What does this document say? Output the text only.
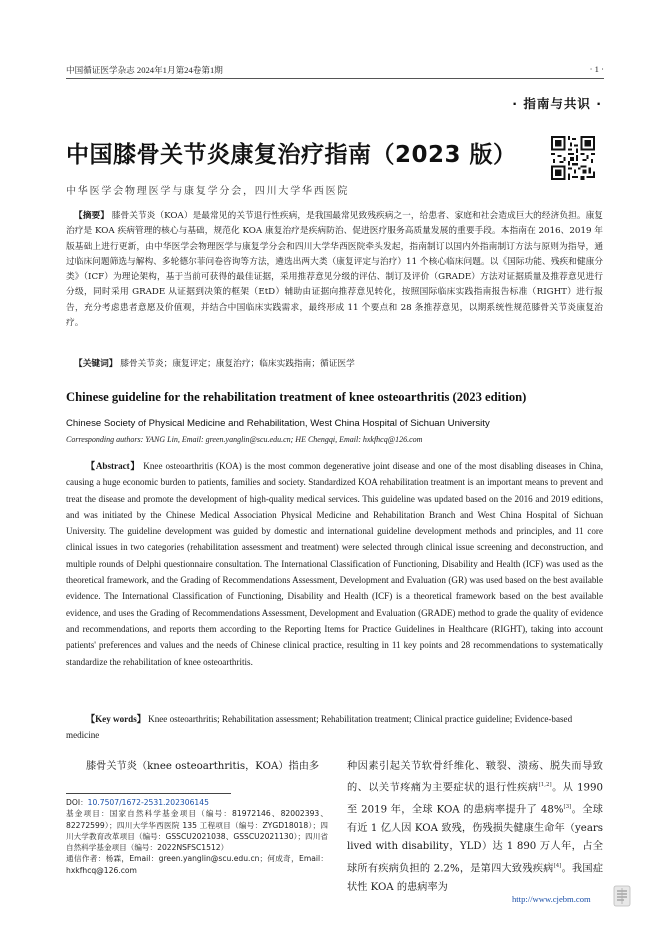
中国循证医学杂志 2024年1月第24卷第1期	· 1 ·
· 指南与共识 ·
中国膝骨关节炎康复治疗指南（2023 版）
中华医学会物理医学与康复学分会，四川大学华西医院

【摘要】 膝骨关节炎（KOA）是最常见的关节退行性疾病，是我国最常见致残疾病之一，给患者、家庭和社会造成巨大的经济负担。康复治疗是 KOA 疾病管理的核心与基础，规范化 KOA 康复治疗是疾病防治、促进医疗服务高质量发展的重要手段。本指南在 2016、2019 年版基础上进行更新，由中华医学会物理医学与康复学分会和四川大学华西医院牵头发起，指南制订以国内外指南制订方法与原则为指导，通过临床问题筛选与解构、多轮德尔菲问卷咨询等方法，遴选出两大类（康复评定与治疗）11 个核心临床问题。以《国际功能、残疾和健康分类》（ICF）为理论架构，基于当前可获得的最佳证据，采用推荐意见分级的评估、制订及评价（GRADE）方法对证据质量及推荐意见进行分级，同时采用 GRADE 从证据到决策的框架（EtD）辅助由证据向推荐意见转化，按照国际临床实践指南报告标准（RIGHT）进行报告，充分考虑患者意愿及价值观，并结合中国临床实践需求，最终形成 11 个要点和 28 条推荐意见，以期系统性规范膝骨关节炎康复治疗。

【关键词】 膝骨关节炎；康复评定；康复治疗；临床实践指南；循证医学

Chinese guideline for the rehabilitation treatment of knee osteoarthritis (2023 edition)
Chinese Society of Physical Medicine and Rehabilitation, West China Hospital of Sichuan University
Corresponding authors: YANG Lin, Email: green.yanglin@scu.edu.cn; HE Chengqi, Email: hxkfhcq@126.com

【Abstract】 Knee osteoarthritis (KOA) is the most common degenerative joint disease and one of the most disabling diseases in China, causing a huge economic burden to patients, families and society. Standardized KOA rehabilitation treatment is an important means to prevent and treat the disease and promote the development of high-quality medical services. This guideline was updated based on the 2016 and 2019 editions, and was initiated by the Chinese Medical Association Physical Medicine and Rehabilitation Branch and West China Hospital of Sichuan University. The guideline development was guided by domestic and international guideline development methods and principles, and 11 core clinical issues in two categories (rehabilitation assessment and treatment) were selected through clinical issue screening and deconstruction, and multiple rounds of Delphi questionnaire consultation. The International Classification of Functioning, Disability and Health (ICF) was used as the theoretical framework, and the Grading of Recommendations Assessment, Development and Evaluation (GR) was used based on the best available evidence. The International Classification of Functioning, Disability and Health (ICF) is a theoretical framework based on the best available evidence, and uses the Grading of Recommendations Assessment, Development and Evaluation (GRADE) method to grade the quality of evidence and recommendations, and reports them according to the Reporting Items for Practice Guidelines in Healthcare (RIGHT), taking into account patients' preferences and values and the needs of Chinese clinical practice, resulting in 11 key points and 28 recommendations to systematically standardize the rehabilitation of knee osteoarthritis.

【Key words】 Knee osteoarthritis; Rehabilitation assessment; Rehabilitation treatment; Clinical practice guideline; Evidence-based medicine

膝骨关节炎（knee osteoarthritis，KOA）指由多

DOI：10.7507/1672-2531.202306145
基金项目：国家自然科学基金项目（编号：81972146、82002393、82272599）；四川大学华西医院 135 工程项目（编号：ZYGD18018）；四川大学教育改革项目（编号：GSSCU2021038、GSSCU2021130）；四川省自然科学基金项目（编号：2022NSFSC1512）
通信作者：杨霖，Email：green.yanglin@scu.edu.cn；何成奇，Email：hxkfhcq@126.com

种因素引起关节软骨纤维化、皲裂、溃疡、脱失而导致的、以关节疼痛为主要症状的退行性疾病[1,2]。从 1990 至 2019 年，全球 KOA 的患病率提升了 48%[3]。全球有近 1 亿人因 KOA 致残，伤残损失健康生命年（years lived with disability，YLD）达 1 890 万人年，占全球所有疾病负担的 2.2%，是第四大致残疾病[4]。我国症状性 KOA 的患病率为

http://www.cjebm.com
